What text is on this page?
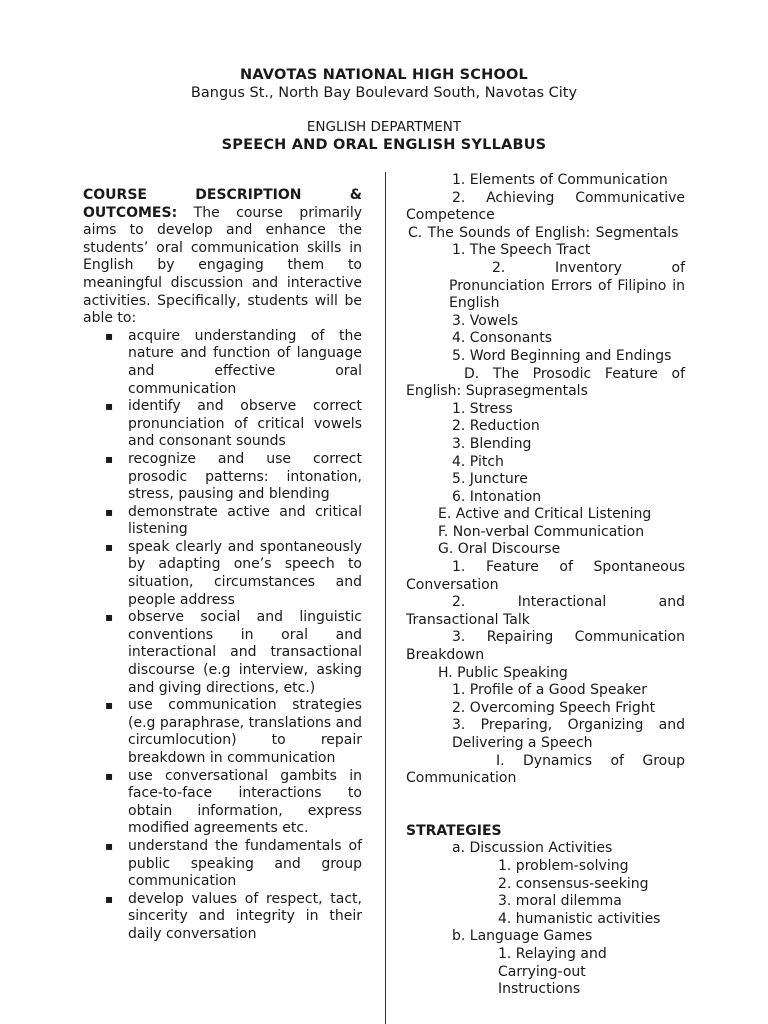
NAVOTAS NATIONAL HIGH SCHOOL
Bangus St., North Bay Boulevard South, Navotas City
ENGLISH DEPARTMENT
SPEECH AND ORAL ENGLISH SYLLABUS

COURSE DESCRIPTION & OUTCOMES: The course primarily aims to develop and enhance the students’ oral communication skills in English by engaging them to meaningful discussion and interactive activities. Specifically, students will be able to:

▪ acquire understanding of the nature and function of language and effective oral communication
▪ identify and observe correct pronunciation of critical vowels and consonant sounds
▪ recognize and use correct prosodic patterns: intonation, stress, pausing and blending
▪ demonstrate active and critical listening
▪ speak clearly and spontaneously by adapting one’s speech to situation, circumstances and people address
▪ observe social and linguistic conventions in oral and interactional and transactional discourse (e.g interview, asking and giving directions, etc.)
▪ use communication strategies (e.g paraphrase, translations and circumlocution) to repair breakdown in communication
▪ use conversational gambits in face-to-face interactions to obtain information, express modified agreements etc.
▪ understand the fundamentals of public speaking and group communication
▪ develop values of respect, tact, sincerity and integrity in their daily conversation

1. Elements of Communication

2. Achieving Communicative Competence

C. The Sounds of English: Segmentals

1. The Speech Tract

2. Inventory of Pronunciation Errors of Filipino in English

3. Vowels

4. Consonants

5. Word Beginning and Endings

D. The Prosodic Feature of English: Suprasegmentals

1. Stress

2. Reduction

3. Blending

4. Pitch

5. Juncture

6. Intonation

E. Active and Critical Listening

F. Non-verbal Communication

G. Oral Discourse

1. Feature of Spontaneous Conversation

2. Interactional and Transactional Talk

3. Repairing Communication Breakdown

H. Public Speaking

1. Profile of a Good Speaker

2. Overcoming Speech Fright

3. Preparing, Organizing and Delivering a Speech

I. Dynamics of Group Communication

STRATEGIES

a. Discussion Activities

1. problem-solving

2. consensus-seeking

3. moral dilemma

4. humanistic activities

b. Language Games

1. Relaying and Carrying-out Instructions
